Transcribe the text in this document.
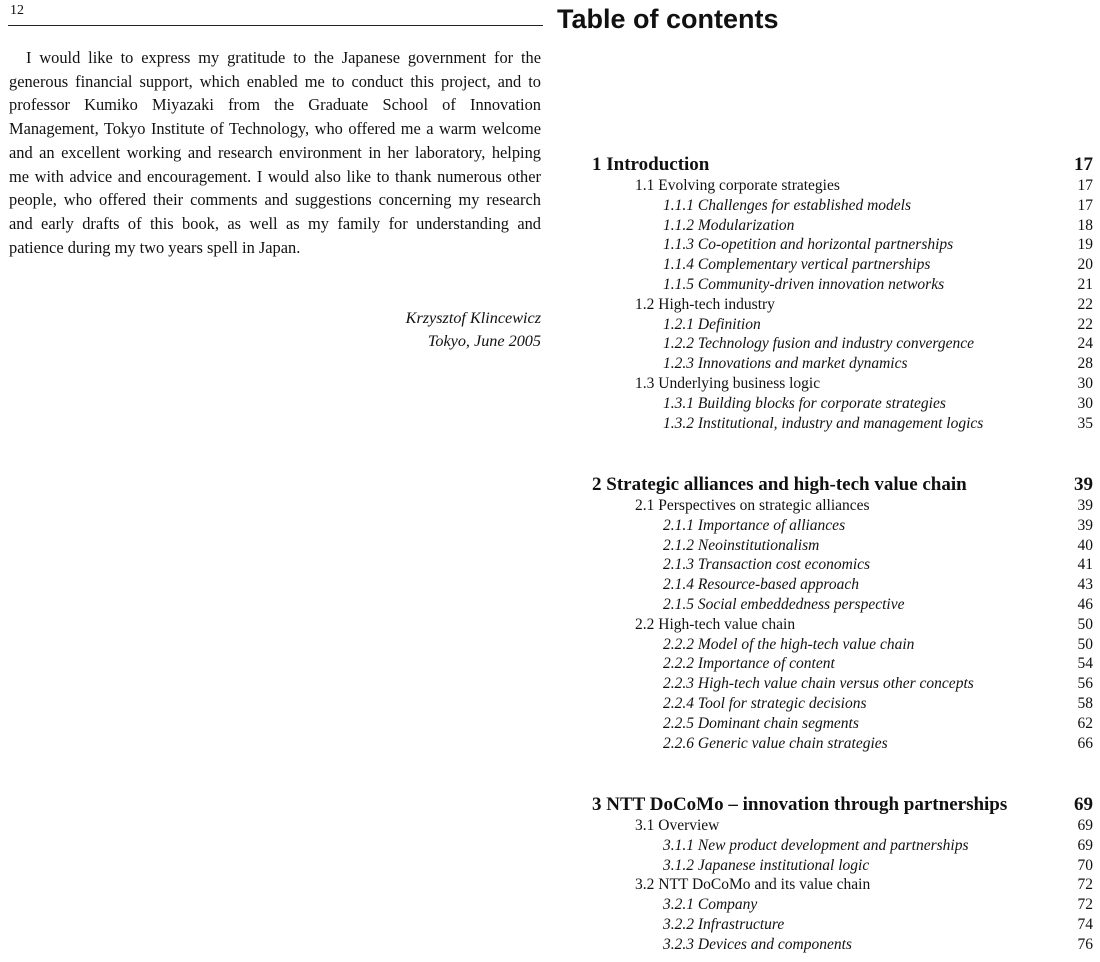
12

I would like to express my gratitude to the Japanese government for the generous financial support, which enabled me to conduct this project, and to professor Kumiko Miyazaki from the Graduate School of Innovation Management, Tokyo Institute of Technology, who offered me a warm welcome and an excellent working and research environment in her laboratory, helping me with advice and encouragement. I would also like to thank numerous other people, who offered their comments and suggestions concerning my research and early drafts of this book, as well as my family for understanding and patience during my two years spell in Japan.

Krzysztof Klincewicz
Tokyo, June 2005
Table of contents
1 Introduction	17
1.1 Evolving corporate strategies	17
1.1.1 Challenges for established models	17
1.1.2 Modularization	18
1.1.3 Co-opetition and horizontal partnerships	19
1.1.4 Complementary vertical partnerships	20
1.1.5 Community-driven innovation networks	21
1.2 High-tech industry	22
1.2.1 Definition	22
1.2.2 Technology fusion and industry convergence	24
1.2.3 Innovations and market dynamics	28
1.3 Underlying business logic	30
1.3.1 Building blocks for corporate strategies	30
1.3.2 Institutional, industry and management logics	35
2 Strategic alliances and high-tech value chain	39
2.1 Perspectives on strategic alliances	39
2.1.1 Importance of alliances	39
2.1.2 Neoinstitutionalism	40
2.1.3 Transaction cost economics	41
2.1.4 Resource-based approach	43
2.1.5 Social embeddedness perspective	46
2.2 High-tech value chain	50
2.2.2 Model of the high-tech value chain	50
2.2.2 Importance of content	54
2.2.3 High-tech value chain versus other concepts	56
2.2.4 Tool for strategic decisions	58
2.2.5 Dominant chain segments	62
2.2.6 Generic value chain strategies	66
3 NTT DoCoMo – innovation through partnerships	69
3.1 Overview	69
3.1.1 New product development and partnerships	69
3.1.2 Japanese institutional logic	70
3.2 NTT DoCoMo and its value chain	72
3.2.1 Company	72
3.2.2 Infrastructure	74
3.2.3 Devices and components	76
